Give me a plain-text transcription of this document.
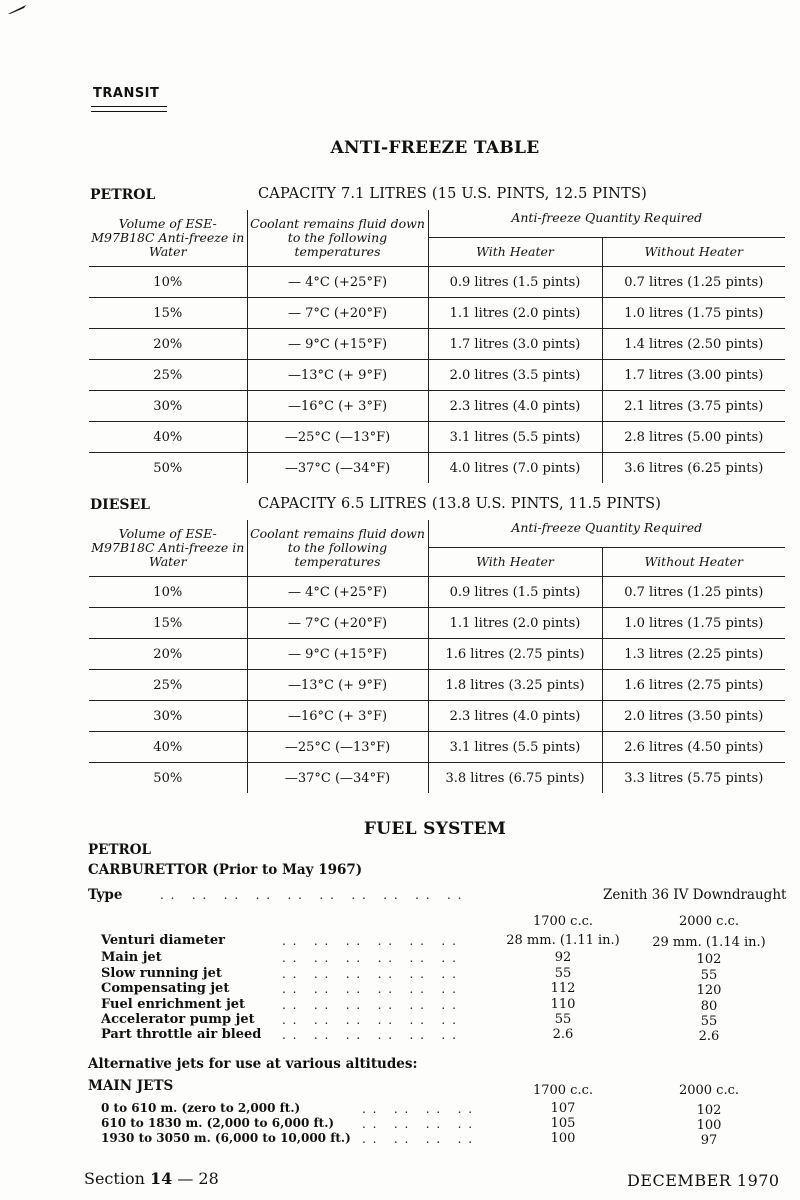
TRANSIT
ANTI-FREEZE TABLE
PETROL	CAPACITY 7.1 LITRES (15 U.S. PINTS, 12.5 PINTS)
Volume of ESE-M97B18C Anti-freeze in Water	Coolant remains fluid down to the following temperatures	Anti-freeze Quantity Required	
		With Heater	Without Heater
10%	— 4°C (+25°F)	0.9 litres (1.5 pints)	0.7 litres (1.25 pints)
15%	— 7°C (+20°F)	1.1 litres (2.0 pints)	1.0 litres (1.75 pints)
20%	— 9°C (+15°F)	1.7 litres (3.0 pints)	1.4 litres (2.50 pints)
25%	—13°C (+ 9°F)	2.0 litres (3.5 pints)	1.7 litres (3.00 pints)
30%	—16°C (+ 3°F)	2.3 litres (4.0 pints)	2.1 litres (3.75 pints)
40%	—25°C (—13°F)	3.1 litres (5.5 pints)	2.8 litres (5.00 pints)
50%	—37°C (—34°F)	4.0 litres (7.0 pints)	3.6 litres (6.25 pints)
DIESEL	CAPACITY 6.5 LITRES (13.8 U.S. PINTS, 11.5 PINTS)
Volume of ESE-M97B18C Anti-freeze in Water	Coolant remains fluid down to the following temperatures	Anti-freeze Quantity Required	
		With Heater	Without Heater
10%	— 4°C (+25°F)	0.9 litres (1.5 pints)	0.7 litres (1.25 pints)
15%	— 7°C (+20°F)	1.1 litres (2.0 pints)	1.0 litres (1.75 pints)
20%	— 9°C (+15°F)	1.6 litres (2.75 pints)	1.3 litres (2.25 pints)
25%	—13°C (+ 9°F)	1.8 litres (3.25 pints)	1.6 litres (2.75 pints)
30%	—16°C (+ 3°F)	2.3 litres (4.0 pints)	2.0 litres (3.50 pints)
40%	—25°C (—13°F)	3.1 litres (5.5 pints)	2.6 litres (4.50 pints)
50%	—37°C (—34°F)	3.8 litres (6.75 pints)	3.3 litres (5.75 pints)
FUEL SYSTEM
PETROL
CARBURETTOR (Prior to May 1967)
Type	. .   . .   . .   . .   . .   . .   . .   . .   . .   . .	Zenith 36 IV Downdraught
1700 c.c.	2000 c.c.
Venturi diameter	. .   . .   . .   . .   . .   . .	28 mm. (1.11 in.)	29 mm. (1.14 in.)
Main jet	. .   . .   . .   . .   . .   . .	92	102
Slow running jet	. .   . .   . .   . .   . .   . .	55	55
Compensating jet	. .   . .   . .   . .   . .   . .	112	120
Fuel enrichment jet	. .   . .   . .   . .   . .   . .	110	80
Accelerator pump jet . .   . .   . .   . .   . .   . .	55	55
Part throttle air bleed . .   . .   . .   . .   . .   . .	2.6	2.6
Alternative jets for use at various altitudes:
MAIN JETS	1700 c.c.	2000 c.c.
0 to 610 m. (zero to 2,000 ft.)	. .   . .   . .   . .	107	102
610 to 1830 m. (2,000 to 6,000 ft.) . .   . .   . .   . .	105	100
1930 to 3050 m. (6,000 to 10,000 ft.) . .   . .   . .   . .	100	97
Section 14 — 28	DECEMBER 1970
